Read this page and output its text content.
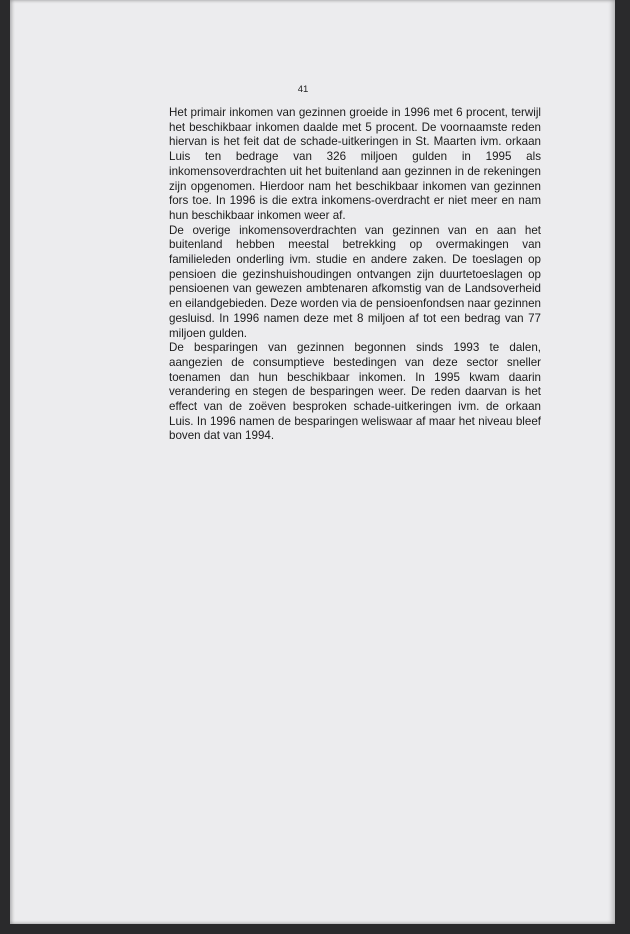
41

Het primair inkomen van gezinnen groeide in 1996 met 6 procent, terwijl het beschikbaar inkomen daalde met 5 procent. De voornaamste reden hiervan is het feit dat de schade-uitkeringen in St. Maarten ivm. orkaan Luis ten bedrage van 326 miljoen gulden in 1995 als inkomensoverdrachten uit het buitenland aan gezinnen in de rekeningen zijn opgenomen. Hierdoor nam het beschikbaar inkomen van gezinnen fors toe. In 1996 is die extra inkomens-overdracht er niet meer en nam hun beschikbaar inkomen weer af.

De overige inkomensoverdrachten van gezinnen van en aan het buitenland hebben meestal betrekking op overmakingen van familieleden onderling ivm. studie en andere zaken. De toeslagen op pensioen die gezinshuishoudingen ontvangen zijn duurtetoeslagen op pensioenen van gewezen ambtenaren afkomstig van de Landsoverheid en eilandgebieden. Deze worden via de pensioenfondsen naar gezinnen gesluisd. In 1996 namen deze met 8 miljoen af tot een bedrag van 77 miljoen gulden.

De besparingen van gezinnen begonnen sinds 1993 te dalen, aangezien de consumptieve bestedingen van deze sector sneller toenamen dan hun beschikbaar inkomen. In 1995 kwam daarin verandering en stegen de besparingen weer. De reden daarvan is het effect van de zoëven besproken schade-uitkeringen ivm. de orkaan Luis. In 1996 namen de besparingen weliswaar af maar het niveau bleef boven dat van 1994.
